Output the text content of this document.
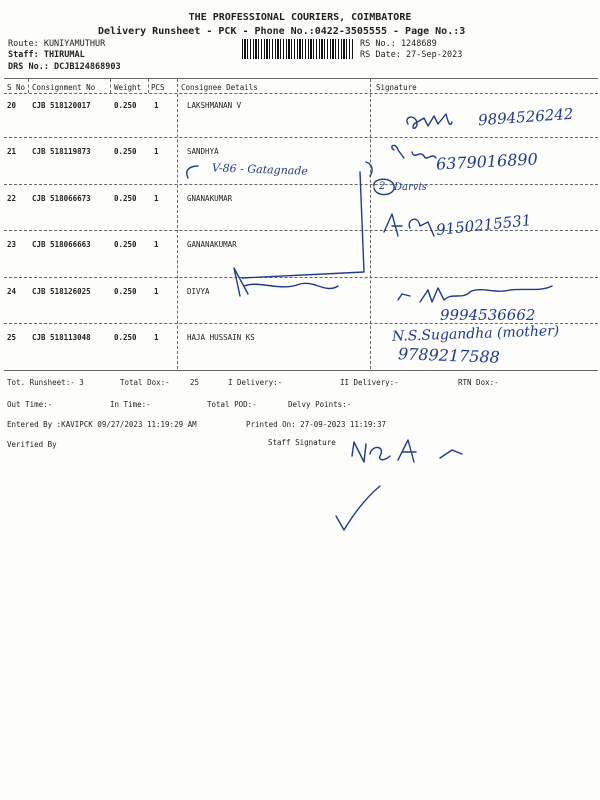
THE PROFESSIONAL COURIERS, COIMBATORE
Delivery Runsheet - PCK - Phone No.:0422-3505555 - Page No.:3
Route: KUNIYAMUTHUR
Staff: THIRUMAL
DRS No.: DCJB124868903
RS No.: 1248689
RS Date: 27-Sep-2023
S No Consignment No	Weight PCS Consignee Details	Signature
20 CJB 518120017	0.250 1	LAKSHMANAN V
21 CJB 518119873	0.250 1	SANDHYA
22 CJB 518066673	0.250 1	GNANAKUMAR
23 CJB 518066663	0.250 1	GANANAKUMAR
24 CJB 518126025	0.250 1	DIVYA
25 CJB 518113048	0.250 1	HAJA HUSSAIN KS
9894526242
6379016890
V-86 - Gatagnade
2 Darvis
9150215531
9994536662
N.S.Sugandha (mother)
9789217588
Tot. Runsheet:- 3	Total Dox:-	25	I Delivery:-	II Delivery:-	RTN Dox:-
Out Time:-	In Time:-	Total POD:-	Delvy Points:-
Entered By :KAVIPCK 09/27/2023 11:19:29 AM	Printed On: 27-09-2023 11:19:37
Verified By	Staff Signature
